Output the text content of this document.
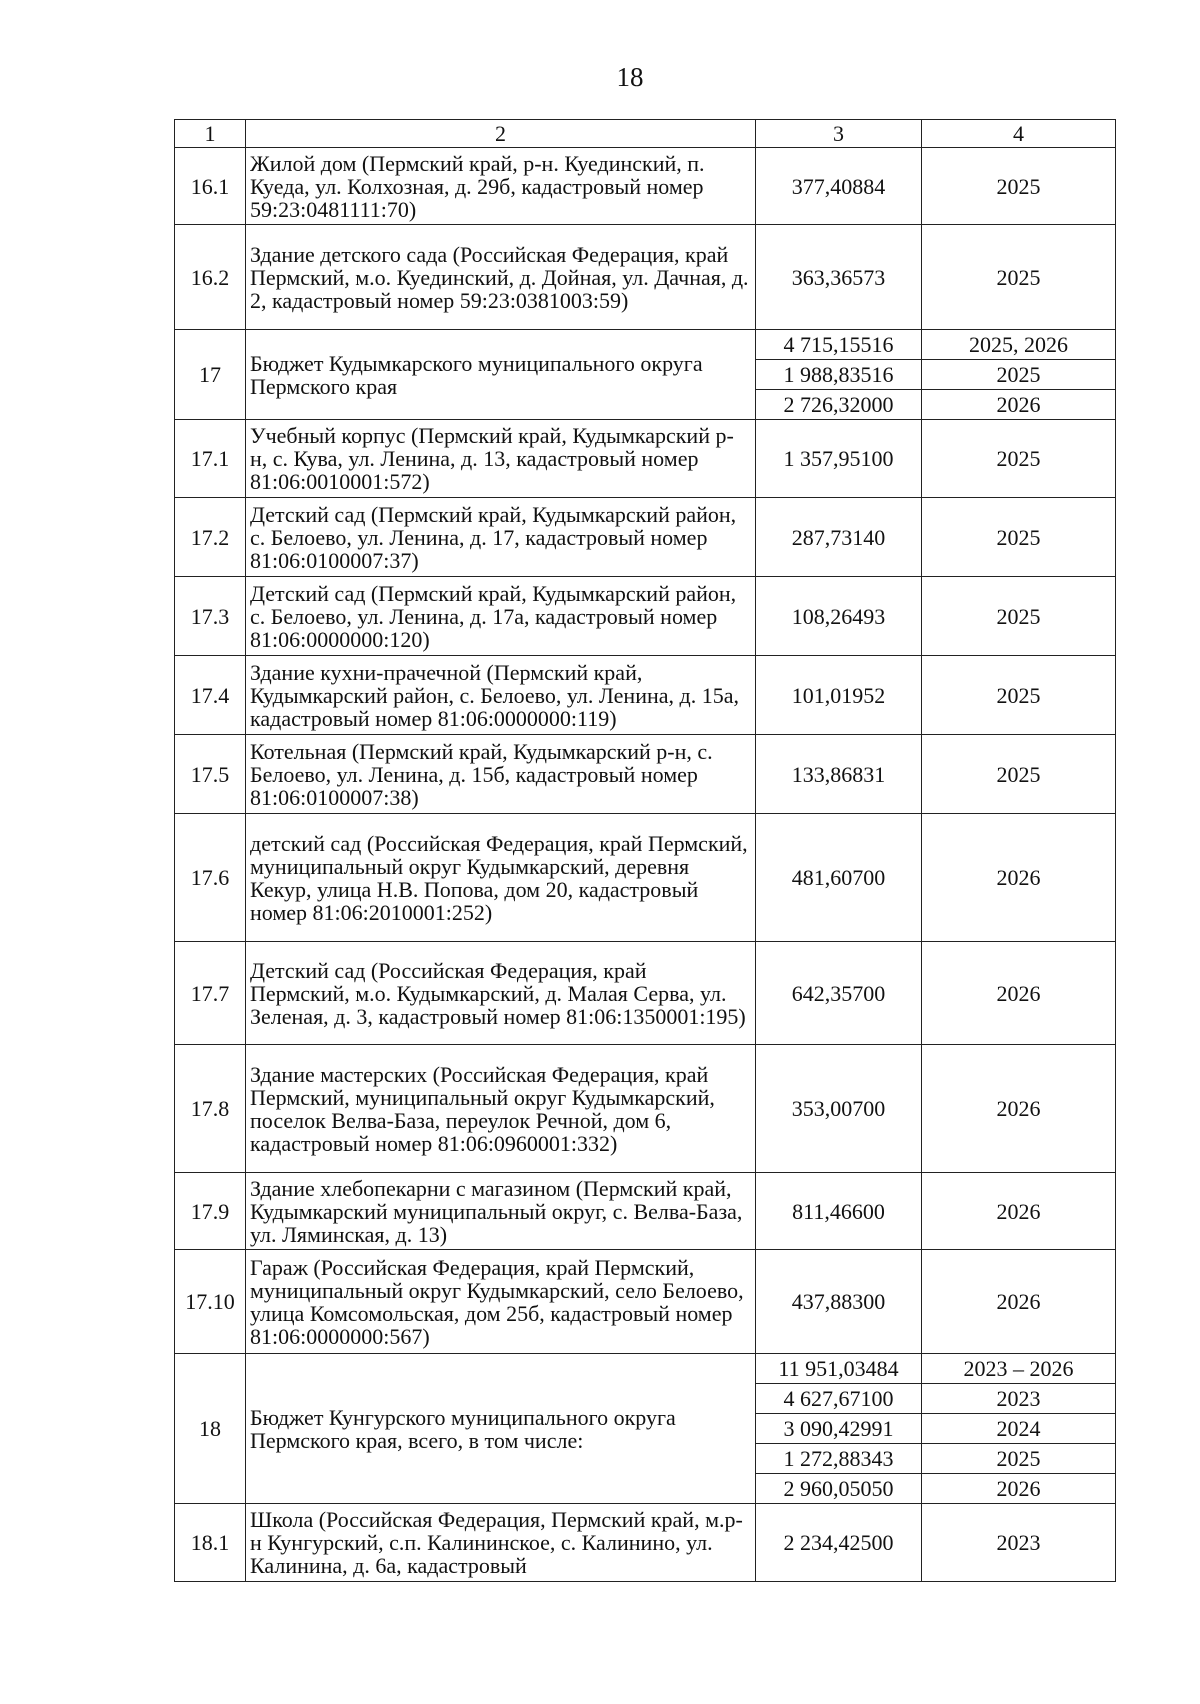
18
1	2	3	4
16.1	Жилой дом (Пермский край, р-н. Куединский, п. Куеда, ул. Колхозная, д. 29б, кадастровый номер 59:23:0481111:70)	377,40884	2025
16.2	Здание детского сада (Российская Федерация, край Пермский, м.о. Куединский, д. Дойная, ул. Дачная, д. 2, кадастровый номер 59:23:0381003:59)	363,36573	2025
17	Бюджет Кудымкарского муниципального округа Пермского края	4 715,15516	2025, 2026
		1 988,83516	2025
		2 726,32000	2026
17.1	Учебный корпус (Пермский край, Кудымкарский р-н, с. Кува, ул. Ленина, д. 13, кадастровый номер 81:06:0010001:572)	1 357,95100	2025
17.2	Детский сад (Пермский край, Кудымкарский район, с. Белоево, ул. Ленина, д. 17, кадастровый номер 81:06:0100007:37)	287,73140	2025
17.3	Детский сад (Пермский край, Кудымкарский район, с. Белоево, ул. Ленина, д. 17а, кадастровый номер 81:06:0000000:120)	108,26493	2025
17.4	Здание кухни-прачечной (Пермский край, Кудымкарский район, с. Белоево, ул. Ленина, д. 15а, кадастровый номер 81:06:0000000:119)	101,01952	2025
17.5	Котельная (Пермский край, Кудымкарский р-н, с. Белоево, ул. Ленина, д. 15б, кадастровый номер 81:06:0100007:38)	133,86831	2025
17.6	детский сад (Российская Федерация, край Пермский, муниципальный округ Кудымкарский, деревня Кекур, улица Н.В. Попова, дом 20, кадастровый номер 81:06:2010001:252)	481,60700	2026
17.7	Детский сад (Российская Федерация, край Пермский, м.о. Кудымкарский, д. Малая Серва, ул. Зеленая, д. 3, кадастровый номер 81:06:1350001:195)	642,35700	2026
17.8	Здание мастерских (Российская Федерация, край Пермский, муниципальный округ Кудымкарский, поселок Велва-База, переулок Речной, дом 6, кадастровый номер 81:06:0960001:332)	353,00700	2026
17.9	Здание хлебопекарни с магазином (Пермский край, Кудымкарский муниципальный округ, с. Велва-База, ул. Ляминская, д. 13)	811,46600	2026
17.10	Гараж (Российская Федерация, край Пермский, муниципальный округ Кудымкарский, село Белоево, улица Комсомольская, дом 25б, кадастровый номер 81:06:0000000:567)	437,88300	2026
18	Бюджет Кунгурского муниципального округа Пермского края, всего, в том числе:	11 951,03484	2023 – 2026
		4 627,67100	2023
		3 090,42991	2024
		1 272,88343	2025
		2 960,05050	2026
18.1	Школа (Российская Федерация, Пермский край, м.р-н Кунгурский, с.п. Калининское, с. Калинино, ул. Калинина, д. 6а, кадастровый	2 234,42500	2023
